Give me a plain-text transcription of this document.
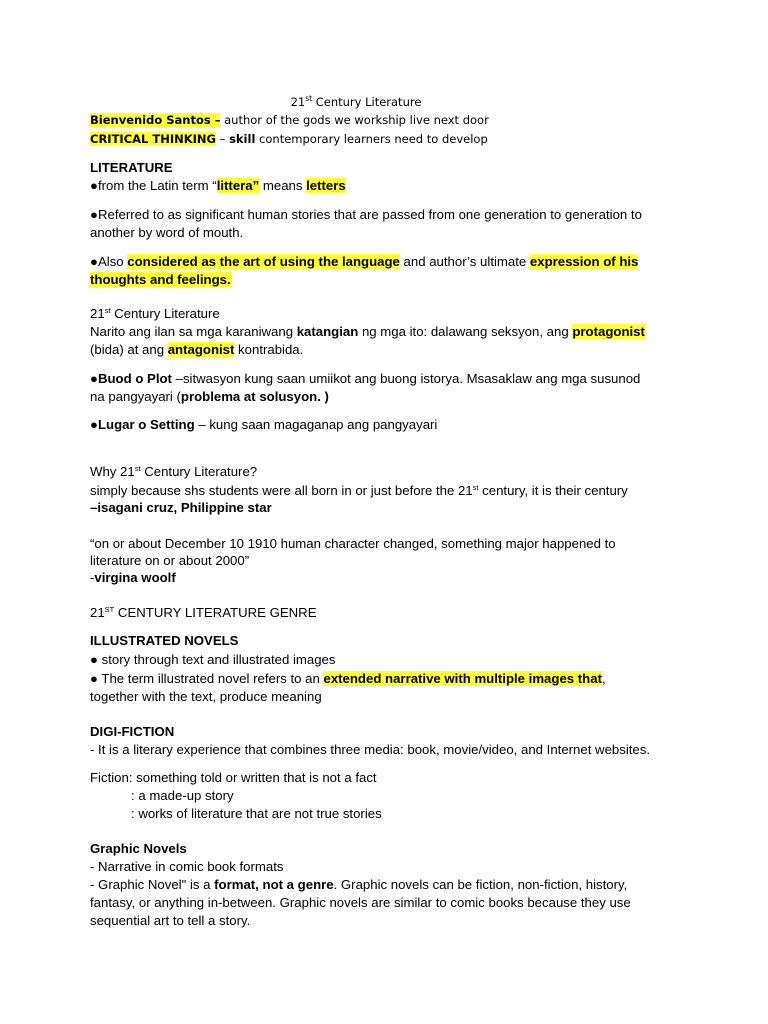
21st Century Literature
Bienvenido Santos – author of the gods we workship live next door
CRITICAL THINKING – skill contemporary learners need to develop
LITERATURE
●from the Latin term “littera” means letters
●Referred to as significant human stories that are passed from one generation to generation to
another by word of mouth.
●Also considered as the art of using the language and author’s ultimate expression of his
thoughts and feelings.
21st Century Literature
Narito ang ilan sa mga karaniwang katangian ng mga ito: dalawang seksyon, ang protagonist
(bida) at ang antagonist kontrabida.
●Buod o Plot –sitwasyon kung saan umiikot ang buong istorya. Msasaklaw ang mga susunod
na pangyayari (problema at solusyon. )
●Lugar o Setting – kung saan magaganap ang pangyayari
Why 21st Century Literature?
simply because shs students were all born in or just before the 21st century, it is their century
–isagani cruz, Philippine star
“on or about December 10 1910 human character changed, something major happened to
literature on or about 2000”
-virgina woolf
21ST CENTURY LITERATURE GENRE
ILLUSTRATED NOVELS
● story through text and illustrated images
● The term illustrated novel refers to an extended narrative with multiple images that,
together with the text, produce meaning
DIGI-FICTION
- It is a literary experience that combines three media: book, movie/video, and Internet websites.
Fiction: something told or written that is not a fact
: a made-up story
: works of literature that are not true stories
Graphic Novels
- Narrative in comic book formats
- Graphic Novel" is a format, not a genre. Graphic novels can be fiction, non-fiction, history,
fantasy, or anything in-between. Graphic novels are similar to comic books because they use
sequential art to tell a story.
